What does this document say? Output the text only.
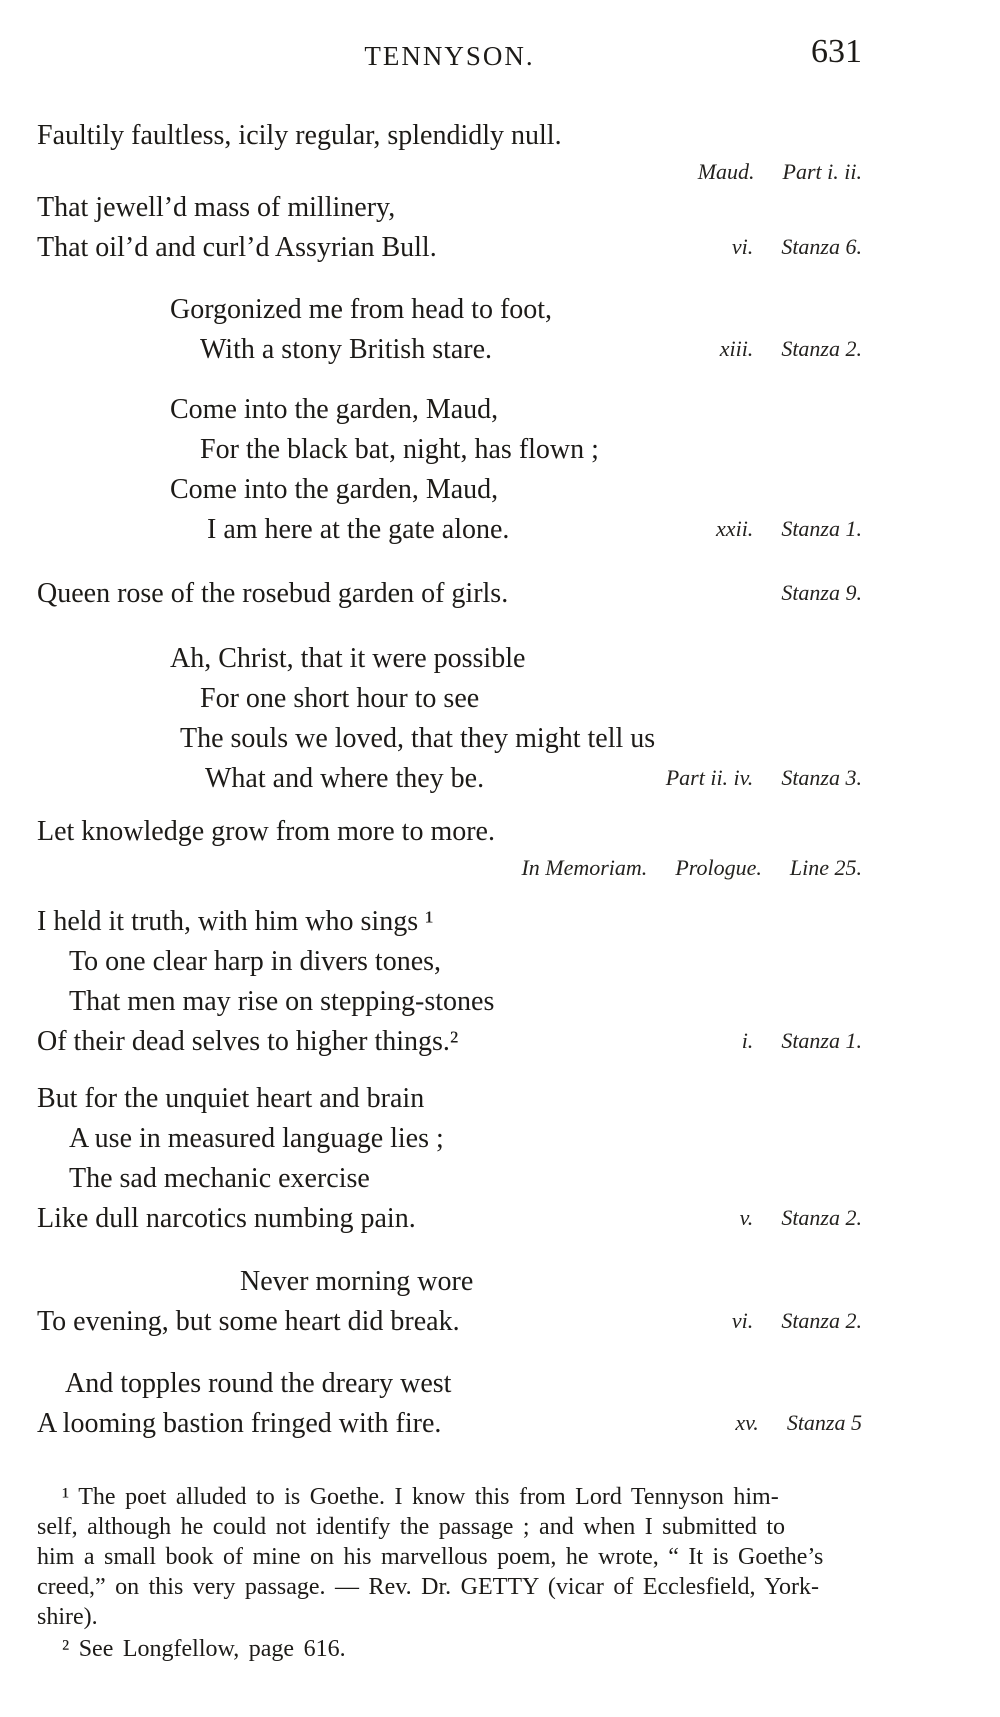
TENNYSON.	631
Faultily faultless, icily regular, splendidly null.
Maud. Part i. ii.
That jewell’d mass of millinery,
That oil’d and curl’d Assyrian Bull.	vi. Stanza 6.
Gorgonized me from head to foot,
With a stony British stare.	xiii. Stanza 2.
Come into the garden, Maud,
For the black bat, night, has flown ;
Come into the garden, Maud,
I am here at the gate alone.	xxii. Stanza 1.
Queen rose of the rosebud garden of girls.	Stanza 9.
Ah, Christ, that it were possible
For one short hour to see
The souls we loved, that they might tell us
What and where they be.	Part ii. iv. Stanza 3.
Let knowledge grow from more to more.
In Memoriam. Prologue. Line 25.
I held it truth, with him who sings ¹
To one clear harp in divers tones,
That men may rise on stepping-stones
Of their dead selves to higher things.²	i. Stanza 1.
But for the unquiet heart and brain
A use in measured language lies ;
The sad mechanic exercise
Like dull narcotics numbing pain.	v. Stanza 2.
Never morning wore
To evening, but some heart did break.	vi. Stanza 2.
And topples round the dreary west
A looming bastion fringed with fire.	xv. Stanza 5
¹ The poet alluded to is Goethe. I know this from Lord Tennyson him-
self, although he could not identify the passage ; and when I submitted to
him a small book of mine on his marvellous poem, he wrote, “ It is Goethe’s
creed,” on this very passage. — Rev. Dr. GETTY (vicar of Ecclesfield, York-
shire).
² See Longfellow, page 616.
